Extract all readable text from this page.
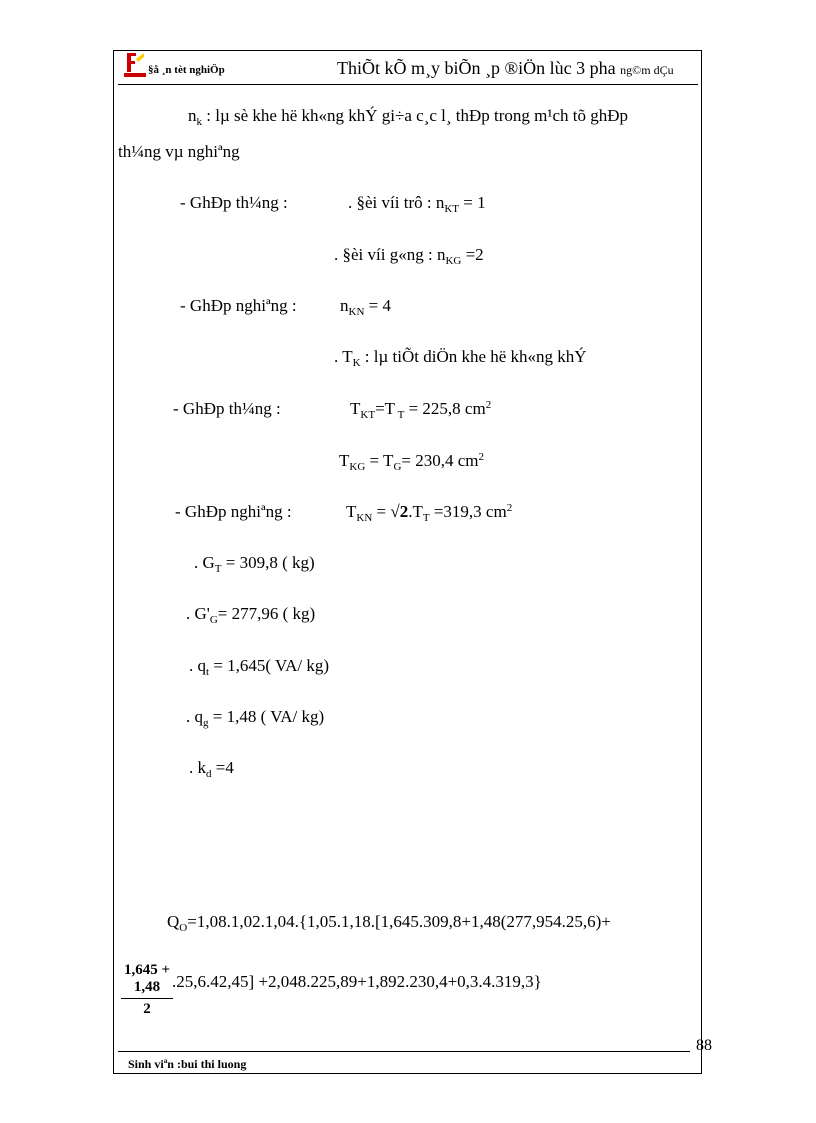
§å ¸n tèt nghiÖp	ThiÕt kÕ m¸y biÕn ¸p ®iÖn lùc 3 pha ng©m dÇu
$n_k$ : lµ sè khe hë kh«ng khÝ gi÷a c¸c l¸ thÐp trong m¹ch tõ ghÐp
th¼ng vµ nghiªng
- GhÐp th¼ng :	. §èi víi trô : $n_{KT} = 1$
. §èi víi g«ng : $n_{KG} =2$
- GhÐp nghiªng :	$n_{KN} = 4$
. $T_K$ : lµ tiÕt diÖn khe hë kh«ng khÝ
- GhÐp th¼ng :	$T_{KT}=T$ $_T$ = 225,8 $cm^2$
$T_{KG} = T_G= 230,4$ $cm^2$
- GhÐp nghiªng :	$T_{KN} = √2.T_T =319,3$ $cm^2$
. $G_T = 309,8$ ( kg)
. $G'_G= 277,96$ ( kg)
. $q_t = 1,645$( VA/ kg)
. $q_g = 1,48$ ( VA/ kg)
. $k_d =4$
$Q_O=1,08.1,02.1,04.\{1,05.1,18.[1,645.309,8+1,48(277,954.25,6)+$
$\frac{1,645 + 1,48}{2} .25,6.42,45] +2,048.225,89+1,892.230,4+0,3.4.319,3$}
88
Sinh viªn :bui thi luong
